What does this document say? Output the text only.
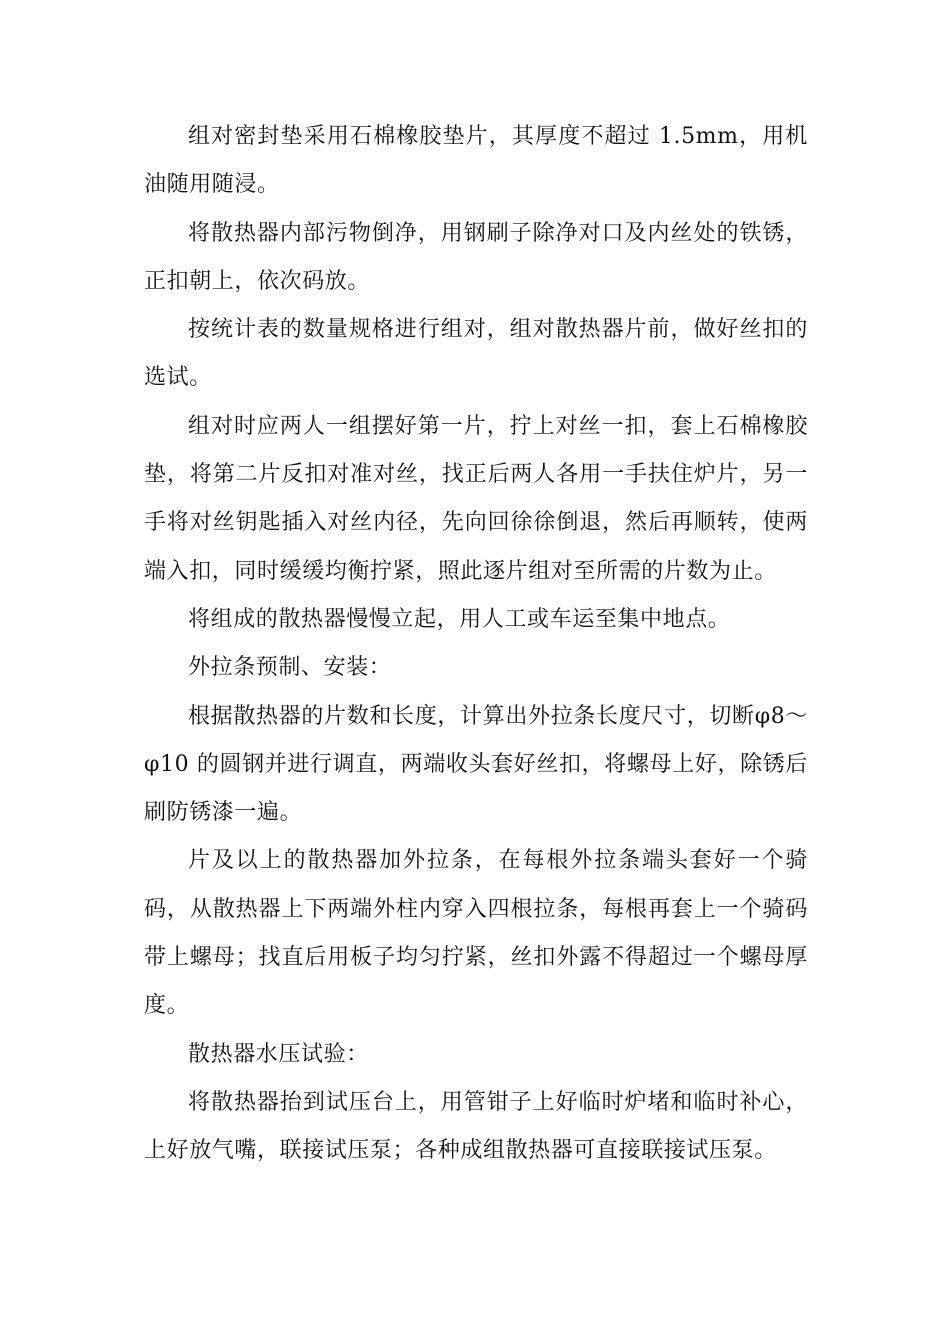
组对密封垫采用石棉橡胶垫片，其厚度不超过 1.5mm，用机油随用随浸。

将散热器内部污物倒净，用钢刷子除净对口及内丝处的铁锈，正扣朝上，依次码放。

按统计表的数量规格进行组对，组对散热器片前，做好丝扣的选试。

组对时应两人一组摆好第一片，拧上对丝一扣，套上石棉橡胶垫，将第二片反扣对准对丝，找正后两人各用一手扶住炉片，另一手将对丝钥匙插入对丝内径，先向回徐徐倒退，然后再顺转，使两端入扣，同时缓缓均衡拧紧，照此逐片组对至所需的片数为止。

将组成的散热器慢慢立起，用人工或车运至集中地点。

外拉条预制、安装：

根据散热器的片数和长度，计算出外拉条长度尺寸，切断φ8～φ10 的圆钢并进行调直，两端收头套好丝扣，将螺母上好，除锈后刷防锈漆一遍。

片及以上的散热器加外拉条，在每根外拉条端头套好一个骑码，从散热器上下两端外柱内穿入四根拉条，每根再套上一个骑码带上螺母；找直后用板子均匀拧紧，丝扣外露不得超过一个螺母厚度。

散热器水压试验：

将散热器抬到试压台上，用管钳子上好临时炉堵和临时补心，上好放气嘴，联接试压泵；各种成组散热器可直接联接试压泵。
